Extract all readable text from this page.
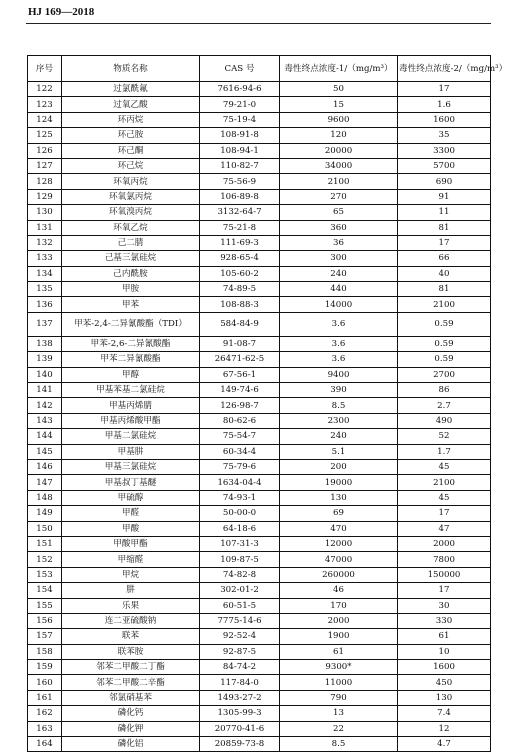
HJ 169—2018
序号	物质名称	CAS 号	毒性终点浓度-1/（mg/m³）	毒性终点浓度-2/（mg/m³）
122	过氯酰氟	7616-94-6	50	17
123	过氧乙酸	79-21-0	15	1.6
124	环丙烷	75-19-4	9600	1600
125	环己胺	108-91-8	120	35
126	环己酮	108-94-1	20000	3300
127	环己烷	110-82-7	34000	5700
128	环氧丙烷	75-56-9	2100	690
129	环氧氯丙烷	106-89-8	270	91
130	环氧溴丙烷	3132-64-7	65	11
131	环氧乙烷	75-21-8	360	81
132	己二腈	111-69-3	36	17
133	己基三氯硅烷	928-65-4	300	66
134	己内酰胺	105-60-2	240	40
135	甲胺	74-89-5	440	81
136	甲苯	108-88-3	14000	2100
137	甲苯-2,4-二异氰酸酯（TDI）	584-84-9	3.6	0.59
138	甲苯-2,6-二异氰酸酯	91-08-7	3.6	0.59
139	甲苯二异氰酸酯	26471-62-5	3.6	0.59
140	甲醇	67-56-1	9400	2700
141	甲基苯基二氯硅烷	149-74-6	390	86
142	甲基丙烯腈	126-98-7	8.5	2.7
143	甲基丙烯酸甲酯	80-62-6	2300	490
144	甲基二氯硅烷	75-54-7	240	52
145	甲基肼	60-34-4	5.1	1.7
146	甲基三氯硅烷	75-79-6	200	45
147	甲基叔丁基醚	1634-04-4	19000	2100
148	甲硫醇	74-93-1	130	45
149	甲醛	50-00-0	69	17
150	甲酸	64-18-6	470	47
151	甲酸甲酯	107-31-3	12000	2000
152	甲缩醛	109-87-5	47000	7800
153	甲烷	74-82-8	260000	150000
154	肼	302-01-2	46	17
155	乐果	60-51-5	170	30
156	连二亚硫酸钠	7775-14-6	2000	330
157	联苯	92-52-4	1900	61
158	联苯胺	92-87-5	61	10
159	邻苯二甲酸二丁酯	84-74-2	9300*	1600
160	邻苯二甲酸二辛酯	117-84-0	11000	450
161	邻氯硝基苯	1493-27-2	790	130
162	磷化钙	1305-99-3	13	7.4
163	磷化钾	20770-41-6	22	12
164	磷化铝	20859-73-8	8.5	4.7
